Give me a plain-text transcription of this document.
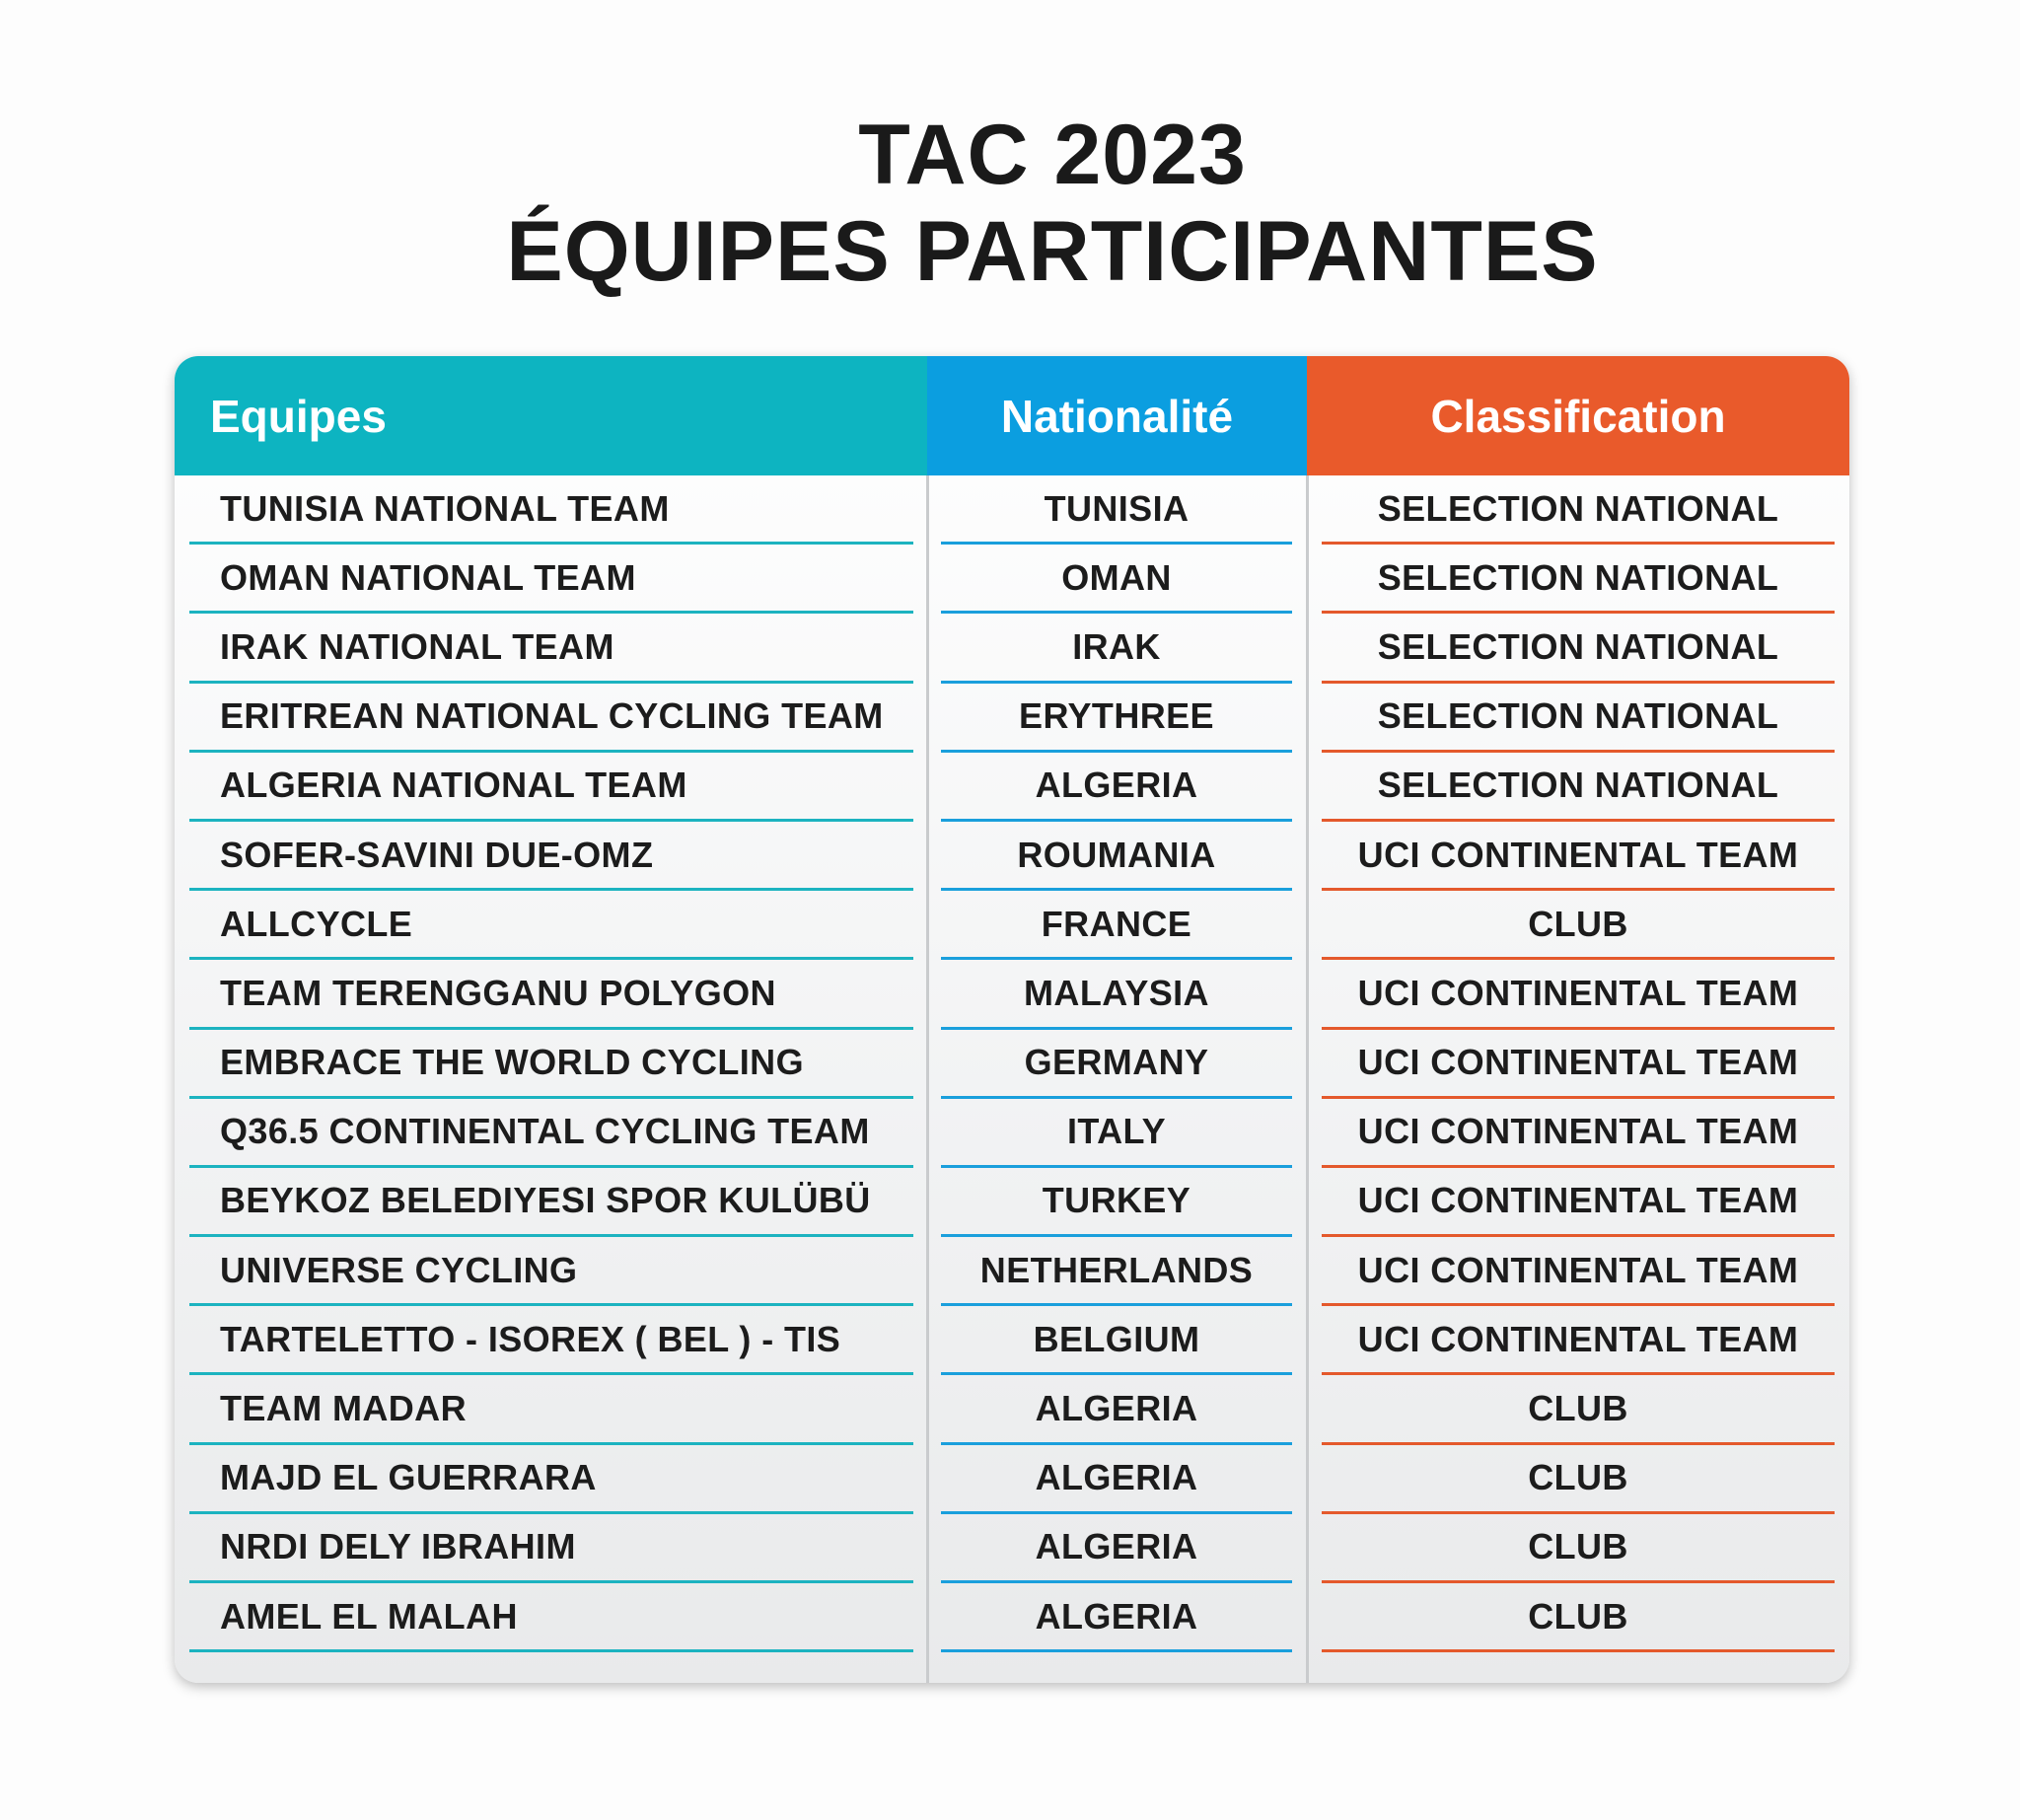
TAC 2023
ÉQUIPES PARTICIPANTES
Equipes	Nationalité	Classification
TUNISIA NATIONAL TEAM	TUNISIA	SELECTION NATIONAL
OMAN NATIONAL TEAM	OMAN	SELECTION NATIONAL
IRAK NATIONAL TEAM	IRAK	SELECTION NATIONAL
ERITREAN NATIONAL CYCLING TEAM	ERYTHREE	SELECTION NATIONAL
ALGERIA NATIONAL TEAM	ALGERIA	SELECTION NATIONAL
SOFER-SAVINI DUE-OMZ	ROUMANIA	UCI CONTINENTAL TEAM
ALLCYCLE	FRANCE	CLUB
TEAM TERENGGANU POLYGON	MALAYSIA	UCI CONTINENTAL TEAM
EMBRACE THE WORLD CYCLING	GERMANY	UCI CONTINENTAL TEAM
Q36.5 CONTINENTAL CYCLING TEAM	ITALY	UCI CONTINENTAL TEAM
BEYKOZ BELEDIYESI SPOR KULÜBÜ	TURKEY	UCI CONTINENTAL TEAM
UNIVERSE CYCLING	NETHERLANDS	UCI CONTINENTAL TEAM
TARTELETTO - ISOREX ( BEL ) - TIS	BELGIUM	UCI CONTINENTAL TEAM
TEAM MADAR	ALGERIA	CLUB
MAJD EL GUERRARA	ALGERIA	CLUB
NRDI DELY IBRAHIM	ALGERIA	CLUB
AMEL EL MALAH	ALGERIA	CLUB
